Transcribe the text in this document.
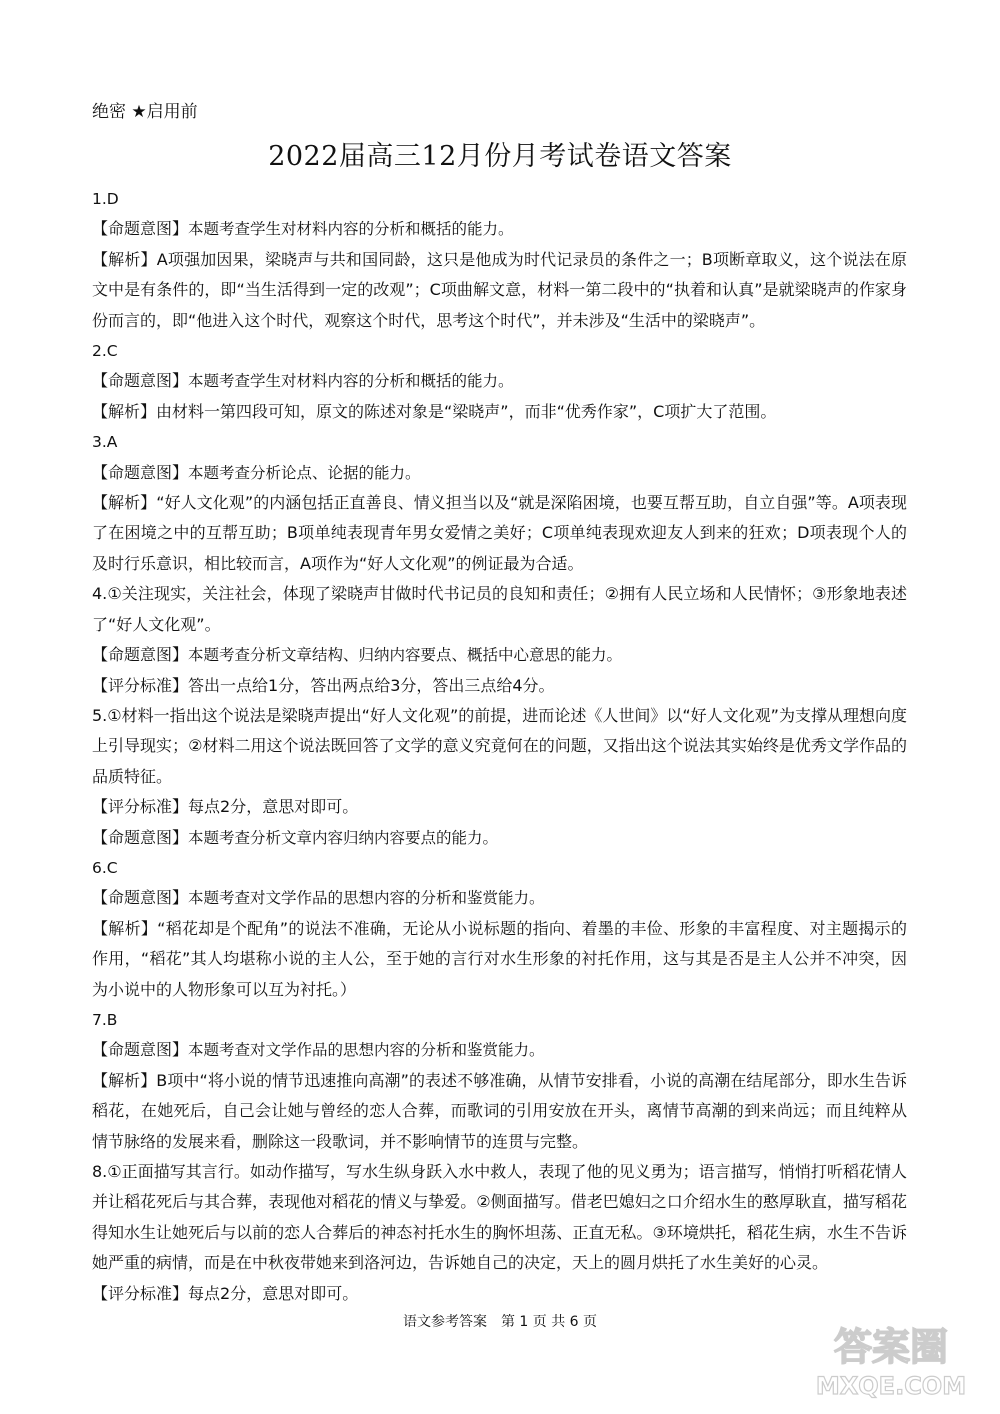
绝密 ★启用前
2022届高三12月份月考试卷语文答案

1.D

【命题意图】本题考查学生对材料内容的分析和概括的能力。

【解析】A项强加因果，梁晓声与共和国同龄，这只是他成为时代记录员的条件之一；B项断章取义，这个说法在原文中是有条件的，即“当生活得到一定的改观”；C项曲解文意，材料一第二段中的“执着和认真”是就梁晓声的作家身份而言的，即“他进入这个时代，观察这个时代，思考这个时代”，并未涉及“生活中的梁晓声”。

2.C

【命题意图】本题考查学生对材料内容的分析和概括的能力。

【解析】由材料一第四段可知，原文的陈述对象是“梁晓声”，而非“优秀作家”，C项扩大了范围。

3.A

【命题意图】本题考查分析论点、论据的能力。

【解析】“好人文化观”的内涵包括正直善良、情义担当以及“就是深陷困境，也要互帮互助，自立自强”等。A项表现了在困境之中的互帮互助；B项单纯表现青年男女爱情之美好；C项单纯表现欢迎友人到来的狂欢；D项表现个人的及时行乐意识，相比较而言，A项作为“好人文化观”的例证最为合适。

4.①关注现实，关注社会，体现了梁晓声甘做时代书记员的良知和责任；②拥有人民立场和人民情怀；③形象地表述了“好人文化观”。

【命题意图】本题考查分析文章结构、归纳内容要点、概括中心意思的能力。

【评分标准】答出一点给1分，答出两点给3分，答出三点给4分。

5.①材料一指出这个说法是梁晓声提出“好人文化观”的前提，进而论述《人世间》以“好人文化观”为支撑从理想向度上引导现实；②材料二用这个说法既回答了文学的意义究竟何在的问题，又指出这个说法其实始终是优秀文学作品的品质特征。

【评分标准】每点2分，意思对即可。

【命题意图】本题考查分析文章内容归纳内容要点的能力。

6.C

【命题意图】本题考查对文学作品的思想内容的分析和鉴赏能力。

【解析】“稻花却是个配角”的说法不准确，无论从小说标题的指向、着墨的丰俭、形象的丰富程度、对主题揭示的作用，“稻花”其人均堪称小说的主人公，至于她的言行对水生形象的衬托作用，这与其是否是主人公并不冲突，因为小说中的人物形象可以互为衬托。）

7.B

【命题意图】本题考查对文学作品的思想内容的分析和鉴赏能力。

【解析】B项中“将小说的情节迅速推向高潮”的表述不够准确，从情节安排看，小说的高潮在结尾部分，即水生告诉稻花，在她死后，自己会让她与曾经的恋人合葬，而歌词的引用安放在开头，离情节高潮的到来尚远；而且纯粹从情节脉络的发展来看，删除这一段歌词，并不影响情节的连贯与完整。

8.①正面描写其言行。如动作描写，写水生纵身跃入水中救人，表现了他的见义勇为；语言描写，悄悄打听稻花情人并让稻花死后与其合葬，表现他对稻花的情义与挚爱。②侧面描写。借老巴媳妇之口介绍水生的憨厚耿直，描写稻花得知水生让她死后与以前的恋人合葬后的神态衬托水生的胸怀坦荡、正直无私。③环境烘托，稻花生病，水生不告诉她严重的病情，而是在中秋夜带她来到洛河边，告诉她自己的决定，天上的圆月烘托了水生美好的心灵。

【评分标准】每点2分，意思对即可。

语文参考答案　第 1 页 共 6 页
答案圈
MXQE.COM
